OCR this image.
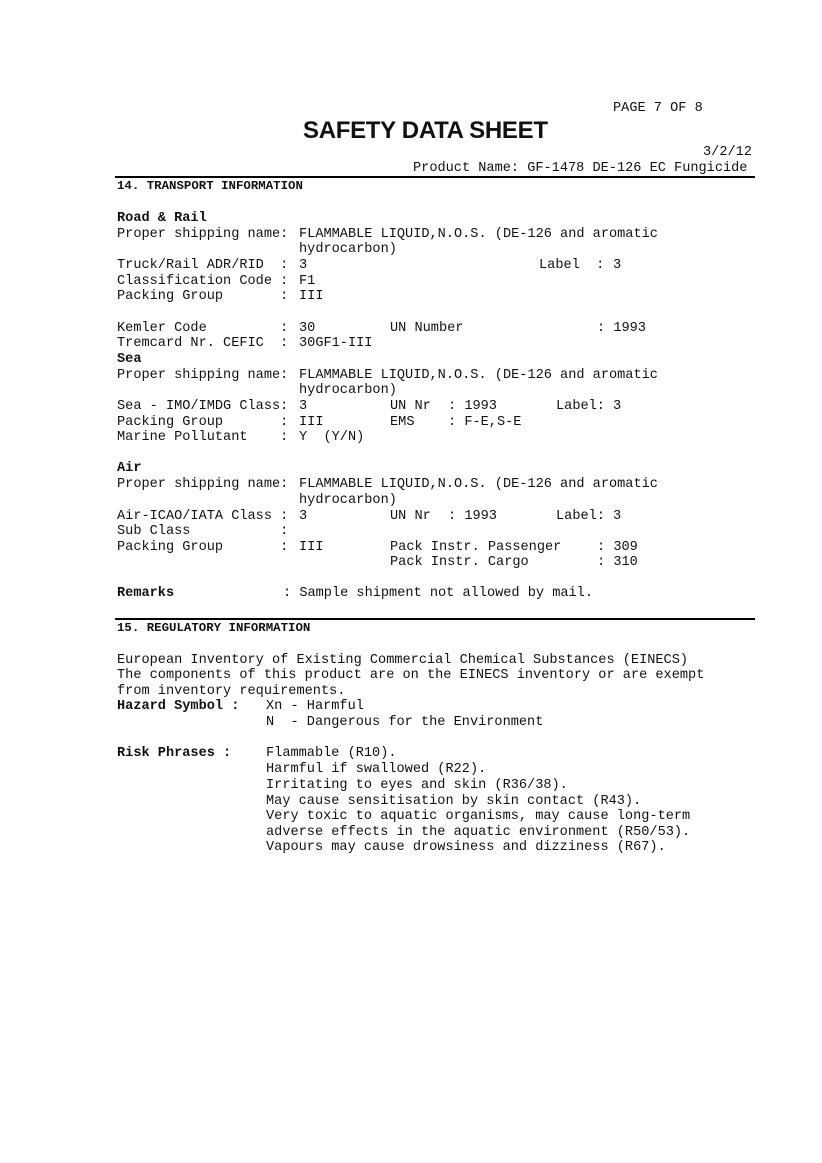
PAGE 7 OF 8
SAFETY DATA SHEET
3/2/12
Product Name: GF-1478 DE-126 EC Fungicide
14. TRANSPORT INFORMATION
Road & Rail
Proper shipping name: FLAMMABLE LIQUID,N.O.S. (DE-126 and aromatic
hydrocarbon)
Truck/Rail ADR/RID  : 3	Label  : 3
Classification Code : F1
Packing Group       : III
Kemler Code         : 30	UN Number	: 1993
Tremcard Nr. CEFIC  : 30GF1-III
Sea
Proper shipping name: FLAMMABLE LIQUID,N.O.S. (DE-126 and aromatic
hydrocarbon)
Sea - IMO/IMDG Class: 3	UN Nr : 1993	Label: 3
Packing Group       : III	EMS : F-E,S-E
Marine Pollutant    : Y  (Y/N)
Air
Proper shipping name: FLAMMABLE LIQUID,N.O.S. (DE-126 and aromatic
hydrocarbon)
Air-ICAO/IATA Class : 3	UN Nr : 1993	Label: 3
Sub Class           :
Packing Group       : III	Pack Instr. Passenger	: 309
Pack Instr. Cargo	: 310
Remarks	: Sample shipment not allowed by mail.
15. REGULATORY INFORMATION
European Inventory of Existing Commercial Chemical Substances (EINECS)
The components of this product are on the EINECS inventory or are exempt
from inventory requirements.
Hazard Symbol : Xn - Harmful
N  - Dangerous for the Environment
Risk Phrases :	Flammable (R10).
Harmful if swallowed (R22).
Irritating to eyes and skin (R36/38).
May cause sensitisation by skin contact (R43).
Very toxic to aquatic organisms, may cause long-term
adverse effects in the aquatic environment (R50/53).
Vapours may cause drowsiness and dizziness (R67).
